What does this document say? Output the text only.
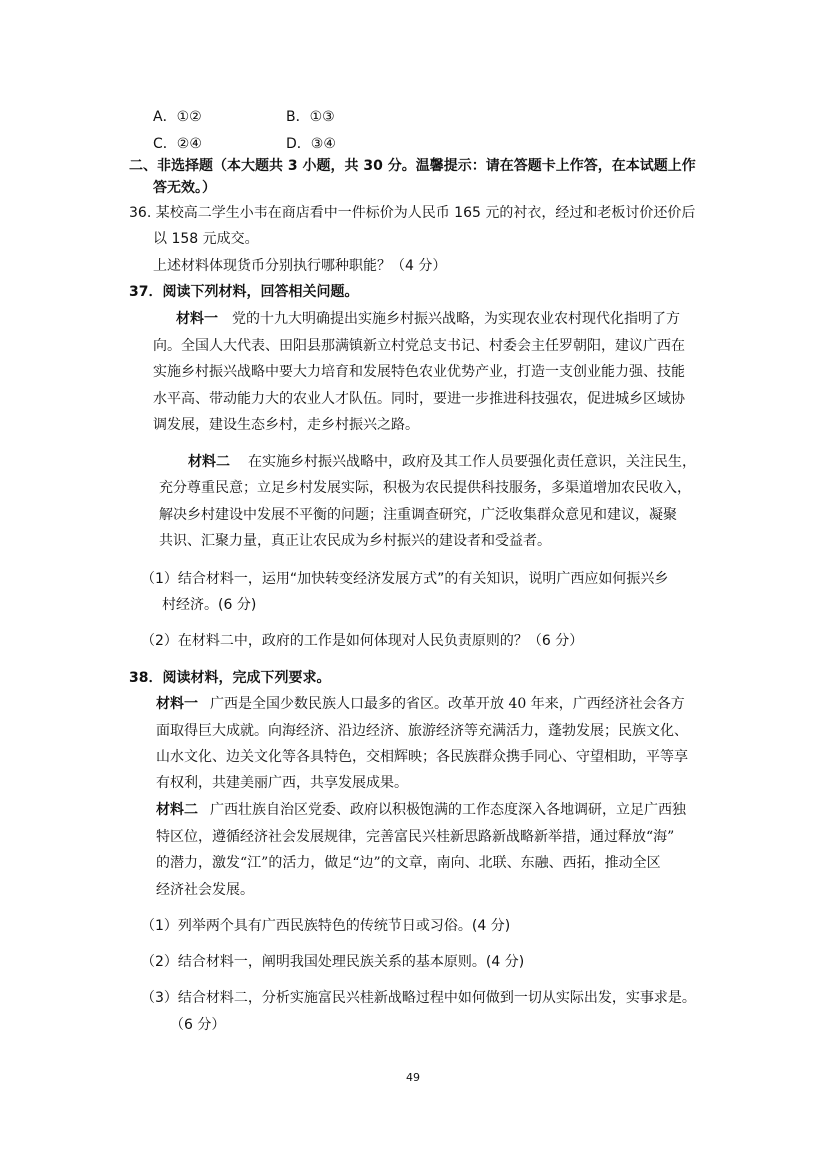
A．①②	B．①③
C．②④	D．③④
二、非选择题（本大题共 3 小题，共 30 分。温馨提示：请在答题卡上作答，在本试题上作
答无效。）
36. 某校高二学生小韦在商店看中一件标价为人民币 165 元的衬衣，经过和老板讨价还价后
以 158 元成交。
上述材料体现货币分别执行哪种职能？（4 分）
37．阅读下列材料，回答相关问题。
材料一 党的十九大明确提出实施乡村振兴战略，为实现农业农村现代化指明了方
向。全国人大代表、田阳县那满镇新立村党总支书记、村委会主任罗朝阳，建议广西在
实施乡村振兴战略中要大力培育和发展特色农业优势产业，打造一支创业能力强、技能
水平高、带动能力大的农业人才队伍。同时，要进一步推进科技强农，促进城乡区域协
调发展，建设生态乡村，走乡村振兴之路。
材料二 在实施乡村振兴战略中，政府及其工作人员要强化责任意识，关注民生，
充分尊重民意；立足乡村发展实际，积极为农民提供科技服务，多渠道增加农民收入，
解决乡村建设中发展不平衡的问题；注重调查研究，广泛收集群众意见和建议，凝聚
共识、汇聚力量，真正让农民成为乡村振兴的建设者和受益者。
（1）结合材料一，运用“加快转变经济发展方式”的有关知识，说明广西应如何振兴乡
村经济。(6 分)
（2）在材料二中，政府的工作是如何体现对人民负责原则的？（6 分）
38．阅读材料，完成下列要求。
材料一 广西是全国少数民族人口最多的省区。改革开放 40 年来，广西经济社会各方
面取得巨大成就。向海经济、沿边经济、旅游经济等充满活力，蓬勃发展；民族文化、
山水文化、边关文化等各具特色，交相辉映；各民族群众携手同心、守望相助，平等享
有权利，共建美丽广西，共享发展成果。
材料二 广西壮族自治区党委、政府以积极饱满的工作态度深入各地调研，立足广西独
特区位，遵循经济社会发展规律，完善富民兴桂新思路新战略新举措，通过释放“海”
的潜力，激发“江”的活力，做足“边”的文章，南向、北联、东融、西拓，推动全区
经济社会发展。
（1）列举两个具有广西民族特色的传统节日或习俗。(4 分)
（2）结合材料一，阐明我国处理民族关系的基本原则。(4 分)
（3）结合材料二，分析实施富民兴桂新战略过程中如何做到一切从实际出发，实事求是。
（6 分）
49
